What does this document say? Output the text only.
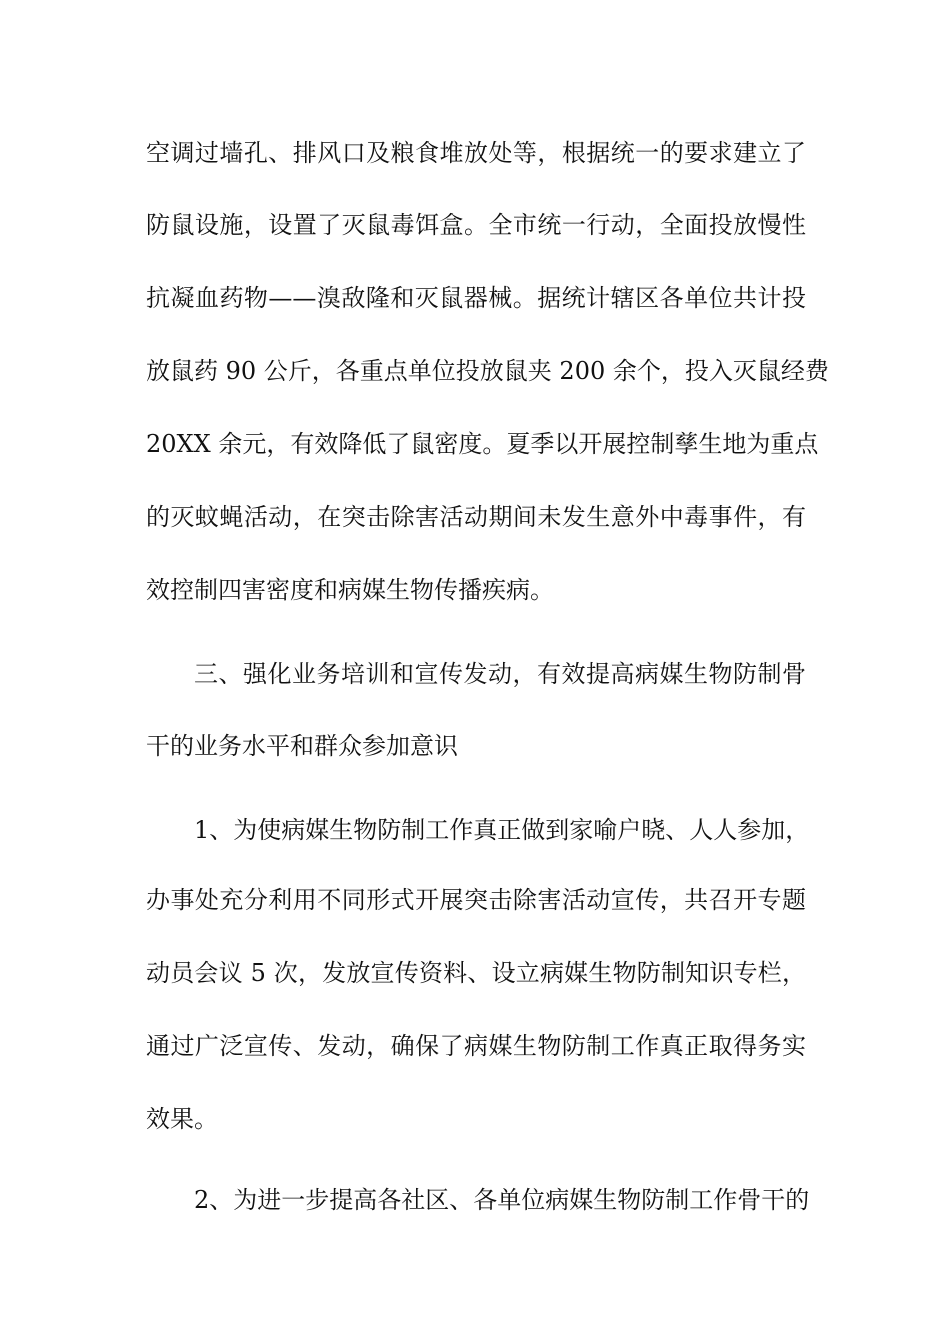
空调过墙孔、排风口及粮食堆放处等，根据统一的要求建立了
防鼠设施，设置了灭鼠毒饵盒。全市统一行动，全面投放慢性
抗凝血药物——溴敌隆和灭鼠器械。据统计辖区各单位共计投
放鼠药 90 公斤，各重点单位投放鼠夹 200 余个，投入灭鼠经费
20XX 余元，有效降低了鼠密度。夏季以开展控制孳生地为重点
的灭蚊蝇活动，在突击除害活动期间未发生意外中毒事件，有
效控制四害密度和病媒生物传播疾病。
三、强化业务培训和宣传发动，有效提高病媒生物防制骨
干的业务水平和群众参加意识
1、为使病媒生物防制工作真正做到家喻户晓、人人参加，
办事处充分利用不同形式开展突击除害活动宣传，共召开专题
动员会议 5 次，发放宣传资料、设立病媒生物防制知识专栏，
通过广泛宣传、发动，确保了病媒生物防制工作真正取得务实
效果。
2、为进一步提高各社区、各单位病媒生物防制工作骨干的
